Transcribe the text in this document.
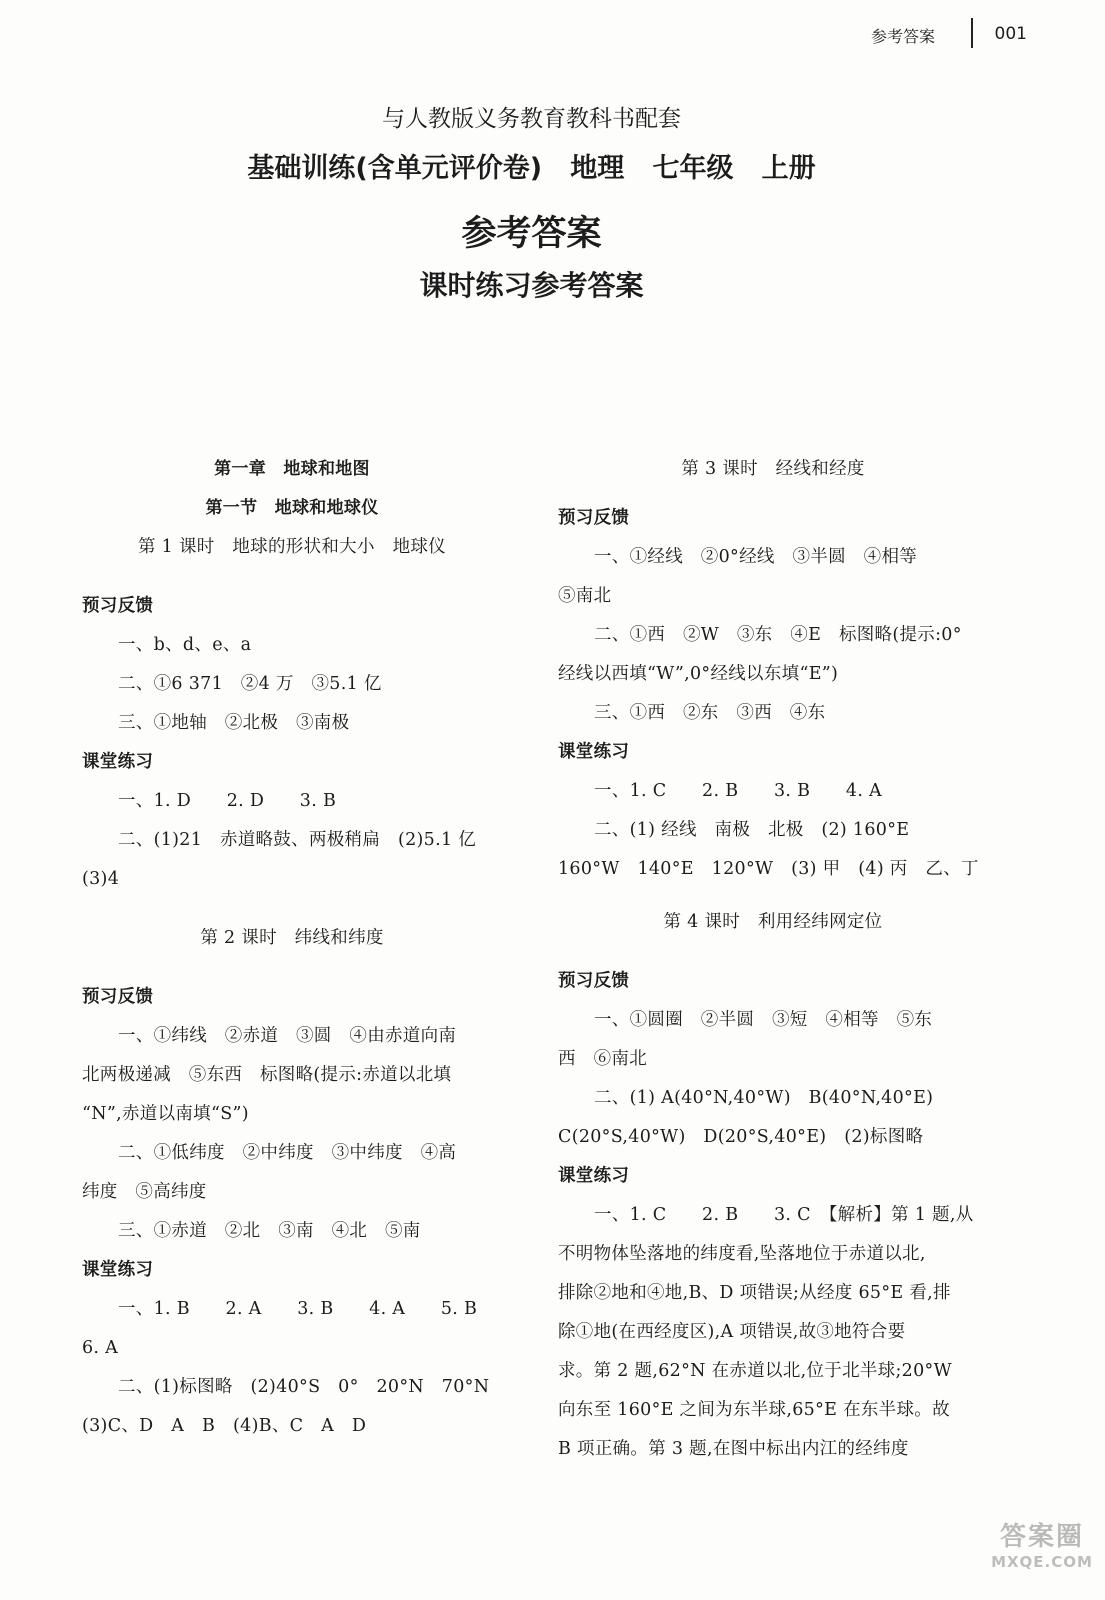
参考答案	001
与人教版义务教育教科书配套
基础训练(含单元评价卷)   地理   七年级   上册
参考答案
课时练习参考答案
第一章　地球和地图
第一节　地球和地球仪
第 1 课时　地球的形状和大小　地球仪
预习反馈
一、b、d、e、a
二、①6 371　②4 万　③5.1 亿
三、①地轴　②北极　③南极
课堂练习
一、1. D　　2. D　　3. B
二、(1)21　赤道略鼓、两极稍扁　(2)5.1 亿
(3)4
第 2 课时　纬线和纬度
预习反馈
一、①纬线　②赤道　③圆　④由赤道向南
北两极递减　⑤东西　标图略(提示:赤道以北填
“N”,赤道以南填“S”)
二、①低纬度　②中纬度　③中纬度　④高
纬度　⑤高纬度
三、①赤道　②北　③南　④北　⑤南
课堂练习
一、1. B　　2. A　　3. B　　4. A　　5. B
6. A
二、(1)标图略　(2)40°S　0°　20°N　70°N
(3)C、D　A　B　(4)B、C　A　D
第 3 课时　经线和经度
预习反馈
一、①经线　②0°经线　③半圆　④相等
⑤南北
二、①西　②W　③东　④E　标图略(提示:0°
经线以西填“W”,0°经线以东填“E”)
三、①西　②东　③西　④东
课堂练习
一、1. C　　2. B　　3. B　　4. A
二、(1) 经线　南极　北极　(2) 160°E
160°W　140°E　120°W　(3) 甲　(4) 丙　乙、丁
第 4 课时　利用经纬网定位
预习反馈
一、①圆圈　②半圆　③短　④相等　⑤东
西　⑥南北
二、(1) A(40°N,40°W)　B(40°N,40°E)
C(20°S,40°W)　D(20°S,40°E)　(2)标图略
课堂练习
一、1. C　　2. B　　3. C　【解析】第 1 题,从
不明物体坠落地的纬度看,坠落地位于赤道以北,
排除②地和④地,B、D 项错误;从经度 65°E 看,排
除①地(在西经度区),A 项错误,故③地符合要
求。第 2 题,62°N 在赤道以北,位于北半球;20°W
向东至 160°E 之间为东半球,65°E 在东半球。故
B 项正确。第 3 题,在图中标出内江的经纬度
答案圈
MXQE.COM
